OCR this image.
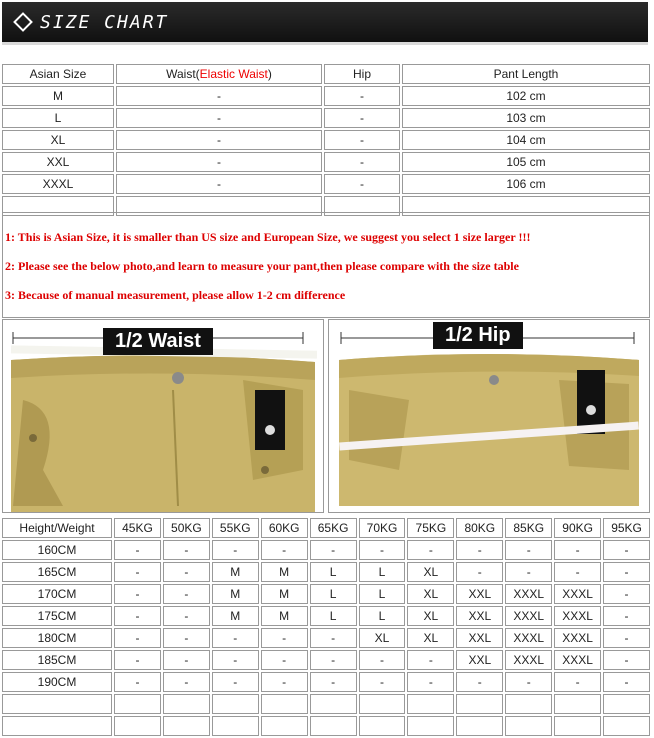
SIZE CHART
Asian Size	Waist(Elastic Waist)	Hip	Pant Length
M	-	-	102 cm
L	-	-	103 cm
XL	-	-	104 cm
XXL	-	-	105 cm
XXXL	-	-	106 cm

1: This is Asian Size, it is smaller than US size and European Size, we suggest you select 1 size larger !!!

2: Please see the below photo,and learn to measure your pant,then please compare with the size table

3: Because of manual measurement, please allow 1-2 cm difference

1/2 Waist	1/2 Hip
Height/Weight	45KG	50KG	55KG	60KG	65KG	70KG	75KG	80KG	85KG	90KG	95KG
160CM	-	-	-	-	-	-	-	-	-	-	-
165CM	-	-	M	M	L	L	XL	-	-	-	-
170CM	-	-	M	M	L	L	XL	XXL	XXXL	XXXL	-
175CM	-	-	M	M	L	L	XL	XXL	XXXL	XXXL	-
180CM	-	-	-	-	-	XL	XL	XXL	XXXL	XXXL	-
185CM	-	-	-	-	-	-	-	XXL	XXXL	XXXL	-
190CM	-	-	-	-	-	-	-	-	-	-	-
